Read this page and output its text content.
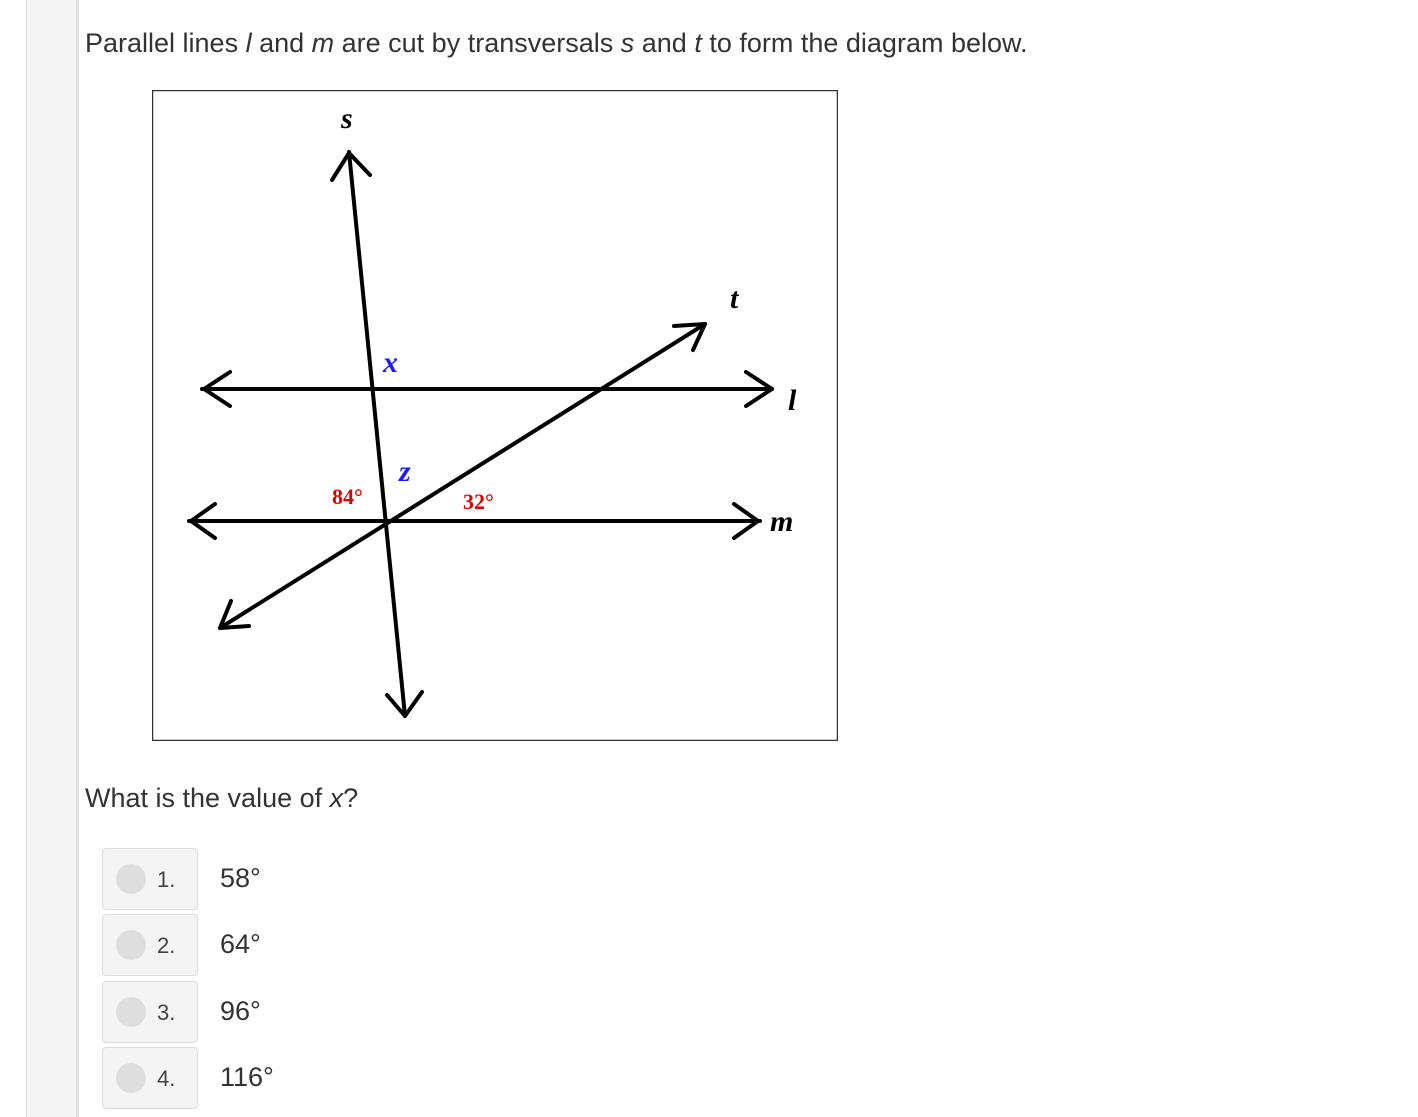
Parallel lines l and m are cut by transversals s and t to form the diagram below.

s
t
l
m
x
z
84°	32°

What is the value of x?

1. 58°
2. 64°
3. 96°
4. 116°
